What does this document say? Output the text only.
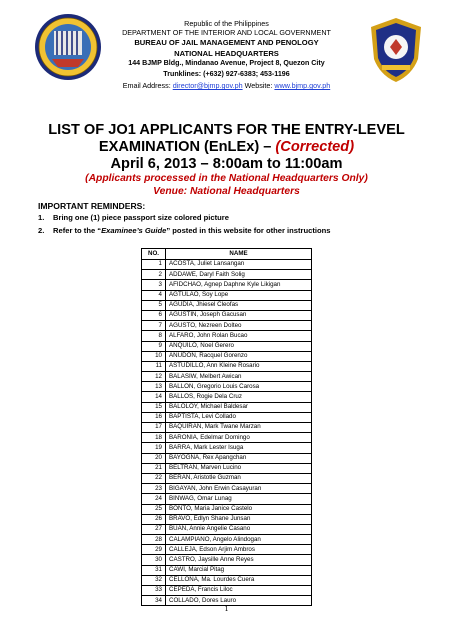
Republic of the Philippines
DEPARTMENT OF THE INTERIOR AND LOCAL GOVERNMENT
BUREAU OF JAIL MANAGEMENT AND PENOLOGY
NATIONAL HEADQUARTERS
144 BJMP Bldg., Mindanao Avenue, Project 8, Quezon City
Trunklines: (+632) 927-6383; 453-1196
Email Address: director@bjmp.gov.ph Website: www.bjmp.gov.ph
LIST OF JO1 APPLICANTS FOR THE ENTRY-LEVEL
EXAMINATION (EnLEx) – (Corrected)
April 6, 2013 – 8:00am to 11:00am
(Applicants processed in the National Headquarters Only)
Venue: National Headquarters
IMPORTANT REMINDERS:
1. Bring one (1) piece passport size colored picture
2. Refer to the “Examinee’s Guide” posted in this website for other instructions
NO.	NAME
1	ACOSTA, Juliet Lansangan
2	ADDAWE, Daryl Faith Solig
3	AFIDCHAO, Agnep Daphne Kyle Likigan
4	AGTULAO, Soy Lope
5	AGUDIA, Jhiesel Cleofas
6	AGUSTIN, Joseph Gacusan
7	AGUSTO, Nezreen Dolteo
8	ALFARO, John Rolan Bucao
9	ANQUILO, Noel Gerero
10	ANUDON, Racquel Gorenzo
11	ASTUDILLO, Ann Kleine Rosario
12	BALASIW, Melbert Awican
13	BALLON, Gregorio Louis Carosa
14	BALLOS, Rogie Dela Cruz
15	BALOLOY, Michael Baldesar
16	BAPTISTA, Levi Collado
17	BAQUIRAN, Mark Twane Marzan
18	BARONIA, Edelmar Domingo
19	BARRA, Mark Lester Isuga
20	BAYOGNA, Rex Apangchan
21	BELTRAN, Marven Lucino
22	BERAN, Aristotle Guzman
23	BIGAYAN, John Erwin Casayuran
24	BINWAG, Omar Lunag
25	BONTO, Maria Janice Castelo
26	BRAVO, Edlyn Shane Junsan
27	BUAN, Annie Angelie Casano
28	CALAMPIANO, Angelo Alindogan
29	CALLEJA, Edson Arjim Ambros
30	CASTRO, Jaysille Anne Reyes
31	CAWI, Marcial Pitag
32	CELLONA, Ma. Lourdes Cuera
33	CEPEDA, Francis Liloc
34	COLLADO, Dores Lauro
1
